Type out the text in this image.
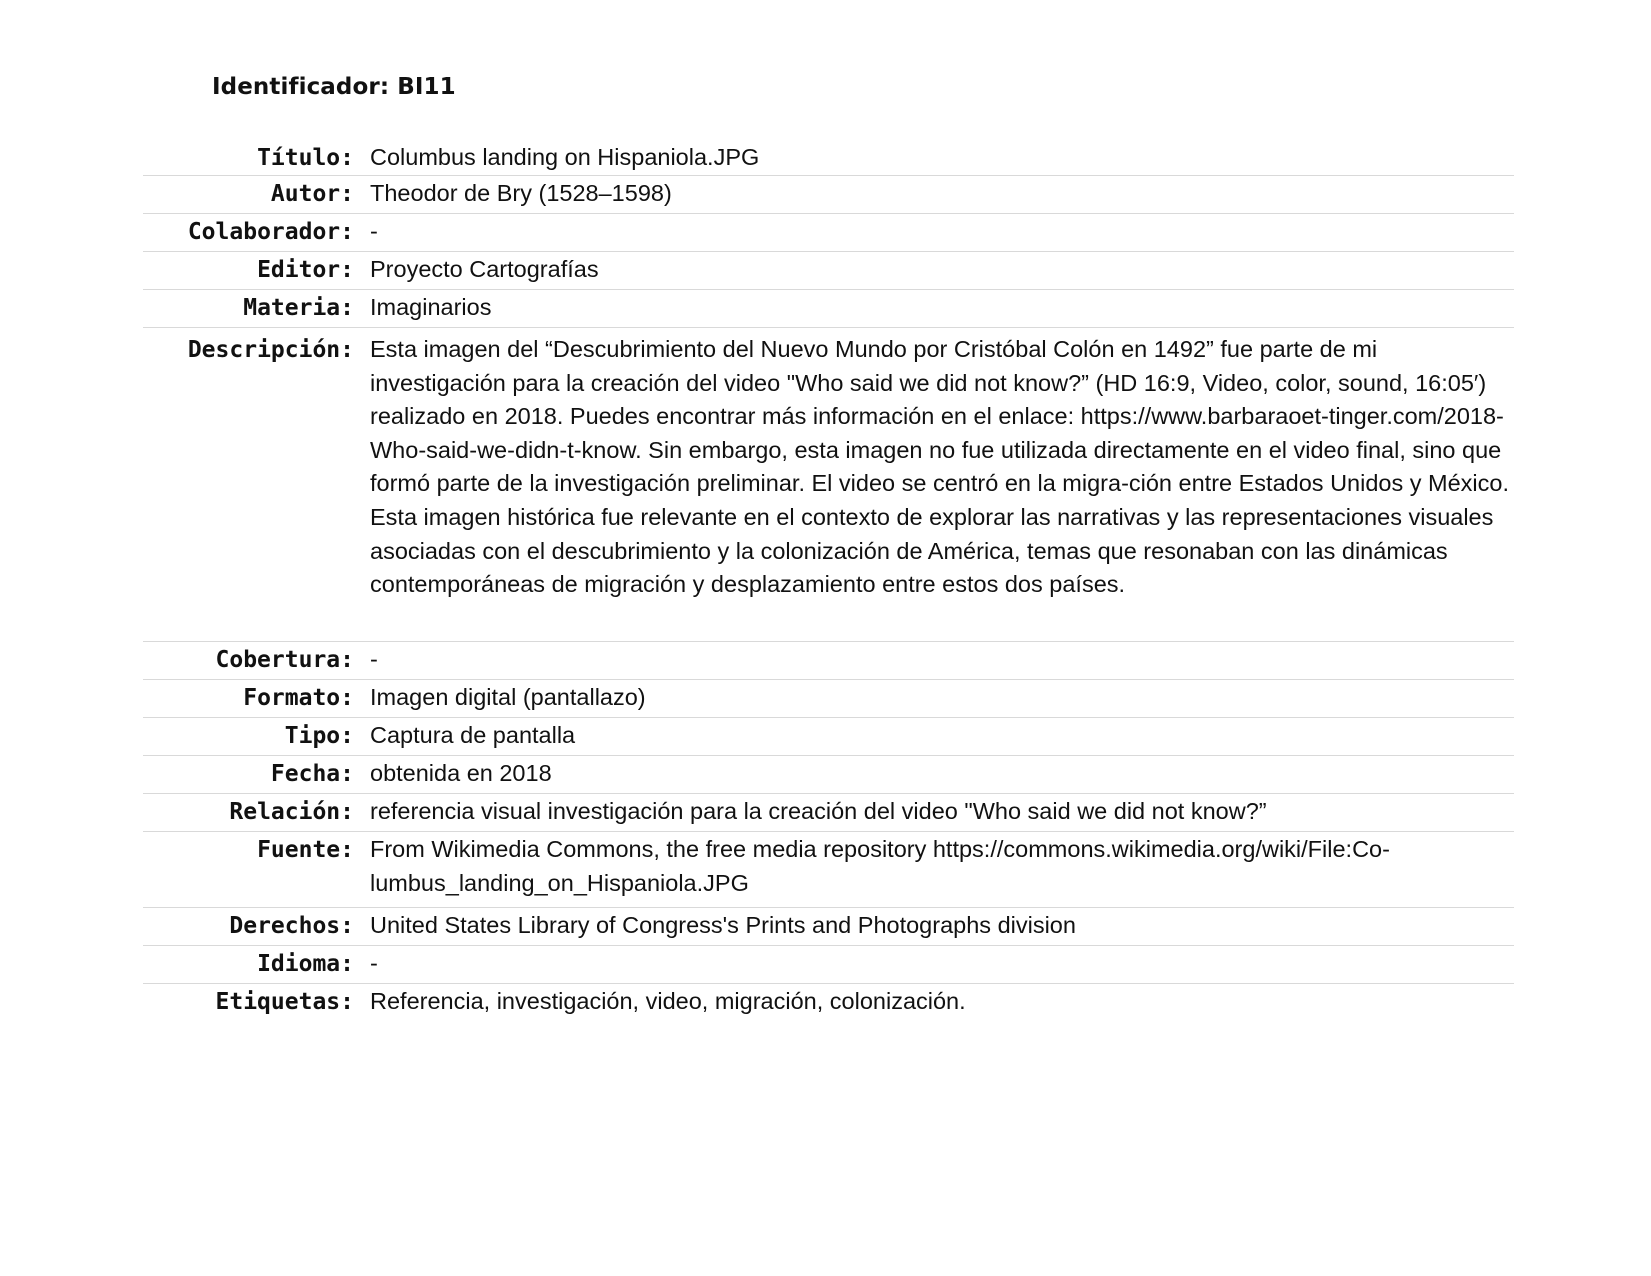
Identificador: BI11
Título: Columbus landing on Hispaniola.JPG
Autor: Theodor de Bry (1528–1598)
Colaborador: -
Editor: Proyecto Cartografías
Materia: Imaginarios
Descripción: Esta imagen del “Descubrimiento del Nuevo Mundo por Cristóbal Colón en 1492” fue parte de mi investigación para la creación del video "Who said we did not know?” (HD 16:9, Video, color, sound, 16:05′) realizado en 2018. Puedes encontrar más información en el enlace: https://www.barbaraoet-tinger.com/2018-Who-said-we-didn-t-know. Sin embargo, esta imagen no fue utilizada directamente en el video final, sino que formó parte de la investigación preliminar. El video se centró en la migra-ción entre Estados Unidos y México. Esta imagen histórica fue relevante en el contexto de explorar las narrativas y las representaciones visuales asociadas con el descubrimiento y la colonización de América, temas que resonaban con las dinámicas contemporáneas de migración y desplazamiento entre estos dos países.
Cobertura: -
Formato: Imagen digital (pantallazo)
Tipo: Captura de pantalla
Fecha: obtenida en 2018
Relación: referencia visual investigación para la creación del video "Who said we did not know?”
Fuente: From Wikimedia Commons, the free media repository https://commons.wikimedia.org/wiki/File:Co-lumbus_landing_on_Hispaniola.JPG
Derechos: United States Library of Congress's Prints and Photographs division
Idioma: -
Etiquetas: Referencia, investigación, video, migración, colonización.
